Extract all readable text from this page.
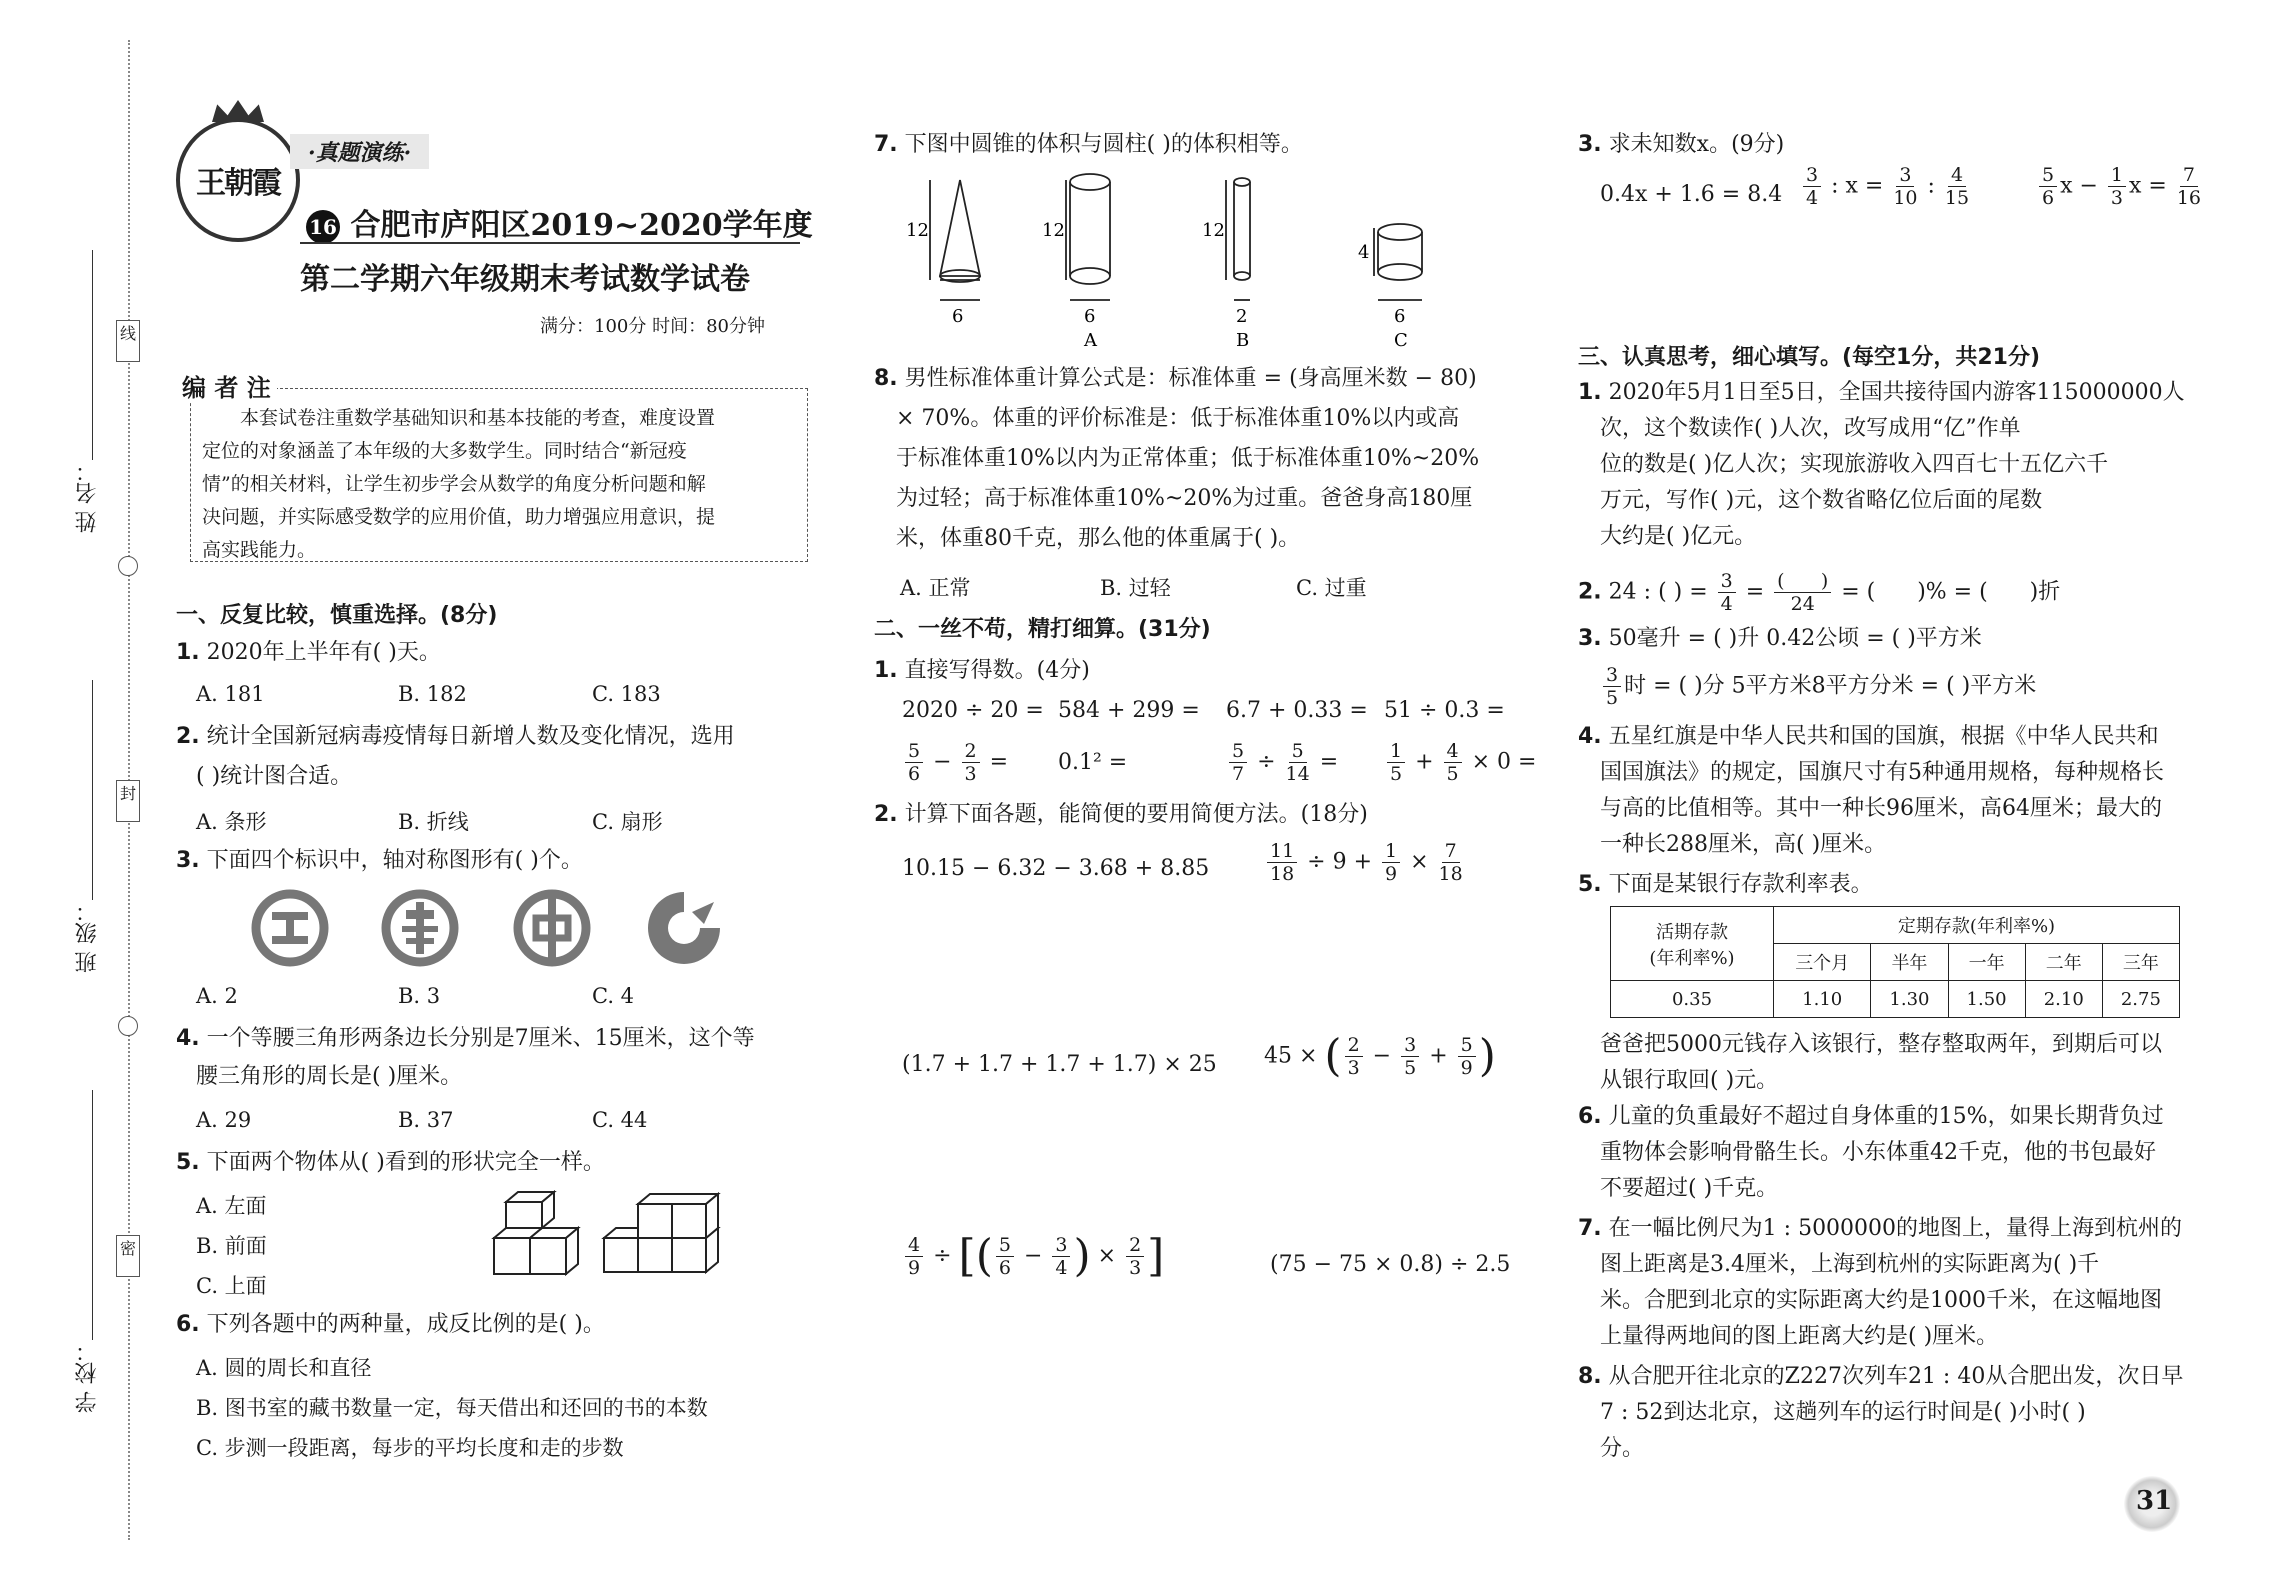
线
封
密
姓 名：
班 级：
学 校：
王朝霞
·真题演练·
16 合肥市庐阳区2019~2020学年度
第二学期六年级期末考试数学试卷
满分：100分 时间：80分钟
编 者 注
本套试卷注重数学基础知识和基本技能的考查，难度设置
定位的对象涵盖了本年级的大多数学生。同时结合“新冠疫
情”的相关材料，让学生初步学会从数学的角度分析问题和解
决问题，并实际感受数学的应用价值，助力增强应用意识，提
高实践能力。
一、反复比较，慎重选择。(8分)
1. 2020年上半年有( )天。
A. 181	B. 182	C. 183
2. 统计全国新冠病毒疫情每日新增人数及变化情况，选用
( )统计图合适。
A. 条形	B. 折线	C. 扇形
3. 下面四个标识中，轴对称图形有( )个。
A. 2	B. 3	C. 4
4. 一个等腰三角形两条边长分别是7厘米、15厘米，这个等
腰三角形的周长是( )厘米。
A. 29	B. 37	C. 44
5. 下面两个物体从( )看到的形状完全一样。
A. 左面
B. 前面
C. 上面
6. 下列各题中的两种量，成反比例的是( )。
A. 圆的周长和直径
B. 图书室的藏书数量一定，每天借出和还回的书的本数
C. 步测一段距离，每步的平均长度和走的步数
7. 下图中圆锥的体积与圆柱( )的体积相等。
12
6
12
6
A
12
2
B
4
6
C
8. 男性标准体重计算公式是：标准体重 = (身高厘米数 − 80)
× 70%。体重的评价标准是：低于标准体重10%以内或高
于标准体重10%以内为正常体重；低于标准体重10%~20%
为过轻；高于标准体重10%~20%为过重。爸爸身高180厘
米，体重80千克，那么他的体重属于( )。
A. 正常	B. 过轻	C. 过重
二、一丝不苟，精打细算。(31分)
1. 直接写得数。(4分)
2020 ÷ 20 = 584 + 299 = 6.7 + 0.33 = 51 ÷ 0.3 =
$\frac{5}{6} - \frac{2}{3} = 0.1^2$ =	$\frac{5}{7} \div \frac{5}{14}$ =	$\frac{1}{5} + \frac{4}{5} \times 0$ =
2. 计算下面各题，能简便的要用简便方法。(18分)
10.15 − 6.32 − 3.68 + 8.85	$\frac{11}{18} \div 9 + \frac{1}{9} \times \frac{7}{18}$
(1.7 + 1.7 + 1.7 + 1.7) × 25 45 × ( $\frac{2}{3} - \frac{3}{5} + \frac{5}{9}$ )
$\frac{4}{9}$ ÷ [( $\frac{5}{6} - \frac{3}{4}$ ) × $\frac{2}{3}$ ]	(75 − 75 × 0.8) ÷ 2.5
3. 求未知数x。(9分)
$0.4x + 1.6 = 8.4 \frac{3}{4}$ : $x = \frac{3}{10}$ : $\frac{4}{15}$	$\frac{5}{6}$ $x - \frac{1}{3}$ $x = \frac{7}{16}$
三、认真思考，细心填写。(每空1分，共21分)
1. 2020年5月1日至5日，全国共接待国内游客115000000人
次，这个数读作( )人次，改写成用“亿”作单
位的数是( )亿人次；实现旅游收入四百七十五亿六千
万元，写作( )元，这个数省略亿位后面的尾数
大约是( )亿元。
2. 24 : ( ) = $\frac{3}{4} = \frac{( )}{24}$ = (      )% = (      )折
3. 50毫升 = ( )升 0.42公顷 = ( )平方米
$\frac{3}{5}$ 时 = ( )分 5平方米8平方分米 = ( )平方米
4. 五星红旗是中华人民共和国的国旗，根据《中华人民共和
国国旗法》的规定，国旗尺寸有5种通用规格，每种规格长
与高的比值相等。其中一种长96厘米，高64厘米；最大的
一种长288厘米，高( )厘米。
5. 下面是某银行存款利率表。
活期存款
(年利率%)	定期存款(年利率%)				
	三个月	半年	一年	二年	三年
0.35	1.10	1.30	1.50	2.10	2.75
爸爸把5000元钱存入该银行，整存整取两年，到期后可以
从银行取回( )元。
6. 儿童的负重最好不超过自身体重的15%，如果长期背负过
重物体会影响骨骼生长。小东体重42千克，他的书包最好
不要超过( )千克。
7. 在一幅比例尺为1 : 5000000的地图上，量得上海到杭州的
图上距离是3.4厘米，上海到杭州的实际距离为( )千
米。合肥到北京的实际距离大约是1000千米，在这幅地图
上量得两地间的图上距离大约是( )厘米。
8. 从合肥开往北京的Z227次列车21 : 40从合肥出发，次日早
7 : 52到达北京，这趟列车的运行时间是( )小时( )
分。
31
